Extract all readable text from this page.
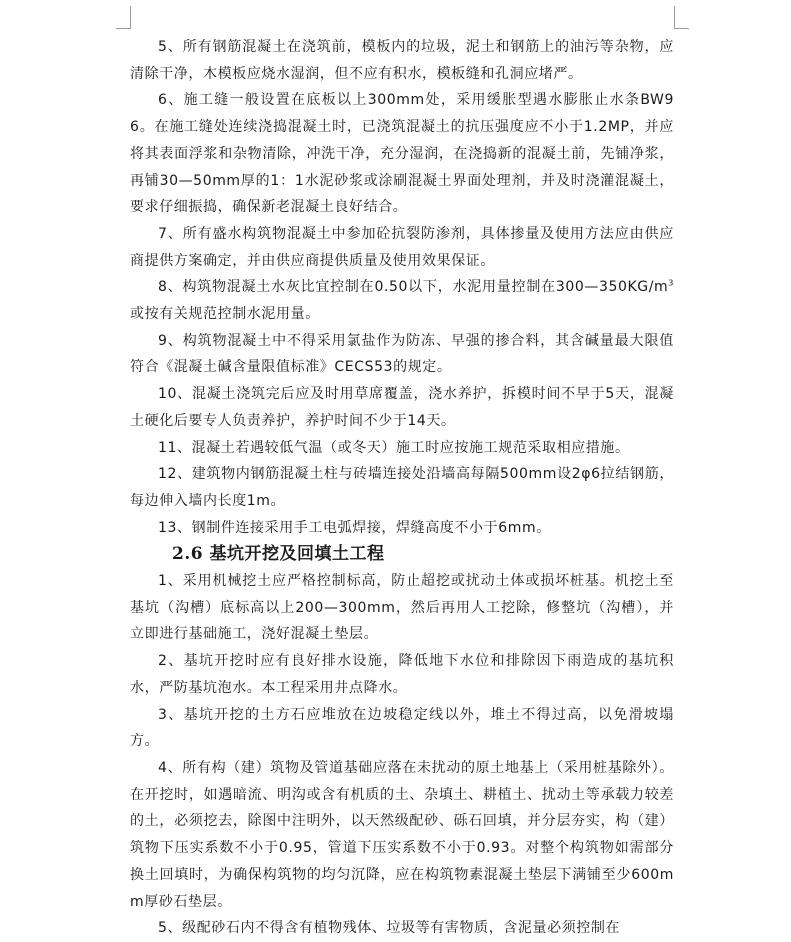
5、所有钢筋混凝土在浇筑前，模板内的垃圾，泥土和钢筋上的油污等杂物，应清除干净，木模板应烧水湿润，但不应有积水，模板缝和孔洞应堵严。

6、施工缝一般设置在底板以上300mm处，采用缓胀型遇水膨胀止水条BW96。在施工缝处连续浇捣混凝土时，已浇筑混凝土的抗压强度应不小于1.2MP，并应将其表面浮浆和杂物清除，冲洗干净，充分湿润，在浇捣新的混凝土前，先铺净浆，再铺30—50mm厚的1：1水泥砂浆或涂刷混凝土界面处理剂，并及时浇灌混凝土，要求仔细振捣，确保新老混凝土良好结合。

7、所有盛水构筑物混凝土中参加砼抗裂防渗剂，具体掺量及使用方法应由供应商提供方案确定，并由供应商提供质量及使用效果保证。

8、构筑物混凝土水灰比宜控制在0.50以下，水泥用量控制在$300—350KG/m^3$或按有关规范控制水泥用量。

9、构筑物混凝土中不得采用氯盐作为防冻、早强的掺合料，其含碱量最大限值符合《混凝土碱含量限值标准》CECS53的规定。

10、混凝土浇筑完后应及时用草席覆盖，浇水养护，拆模时间不早于5天，混凝土硬化后要专人负责养护，养护时间不少于14天。

11、混凝土若遇较低气温（或冬天）施工时应按施工规范采取相应措施。

12、建筑物内钢筋混凝土柱与砖墙连接处沿墙高每隔500mm设2φ6拉结钢筋，每边伸入墙内长度1m。

13、钢制件连接采用手工电弧焊接，焊缝高度不小于6mm。

2.6 基坑开挖及回填土工程

1、采用机械挖土应严格控制标高，防止超挖或扰动土体或损坏桩基。机挖土至基坑（沟槽）底标高以上200—300mm，然后再用人工挖除，修整坑（沟槽），并立即进行基础施工，浇好混凝土垫层。

2、基坑开挖时应有良好排水设施，降低地下水位和排除因下雨造成的基坑积水，严防基坑泡水。本工程采用井点降水。

3、基坑开挖的土方石应堆放在边坡稳定线以外，堆土不得过高，以免滑坡塌方。

4、所有构（建）筑物及管道基础应落在未扰动的原土地基上（采用桩基除外）。在开挖时，如遇暗流、明沟或含有机质的土、杂填土、耕植土、扰动土等承载力较差的土，必须挖去，除图中注明外，以天然级配砂、砾石回填，并分层夯实，构（建）筑物下压实系数不小于0.95，管道下压实系数不小于0.93。对整个构筑物如需部分换土回填时，为确保构筑物的均匀沉降，应在构筑物素混凝土垫层下满铺至少600mm厚砂石垫层。

5、级配砂石内不得含有植物残体、垃圾等有害物质，含泥量必须控制在
